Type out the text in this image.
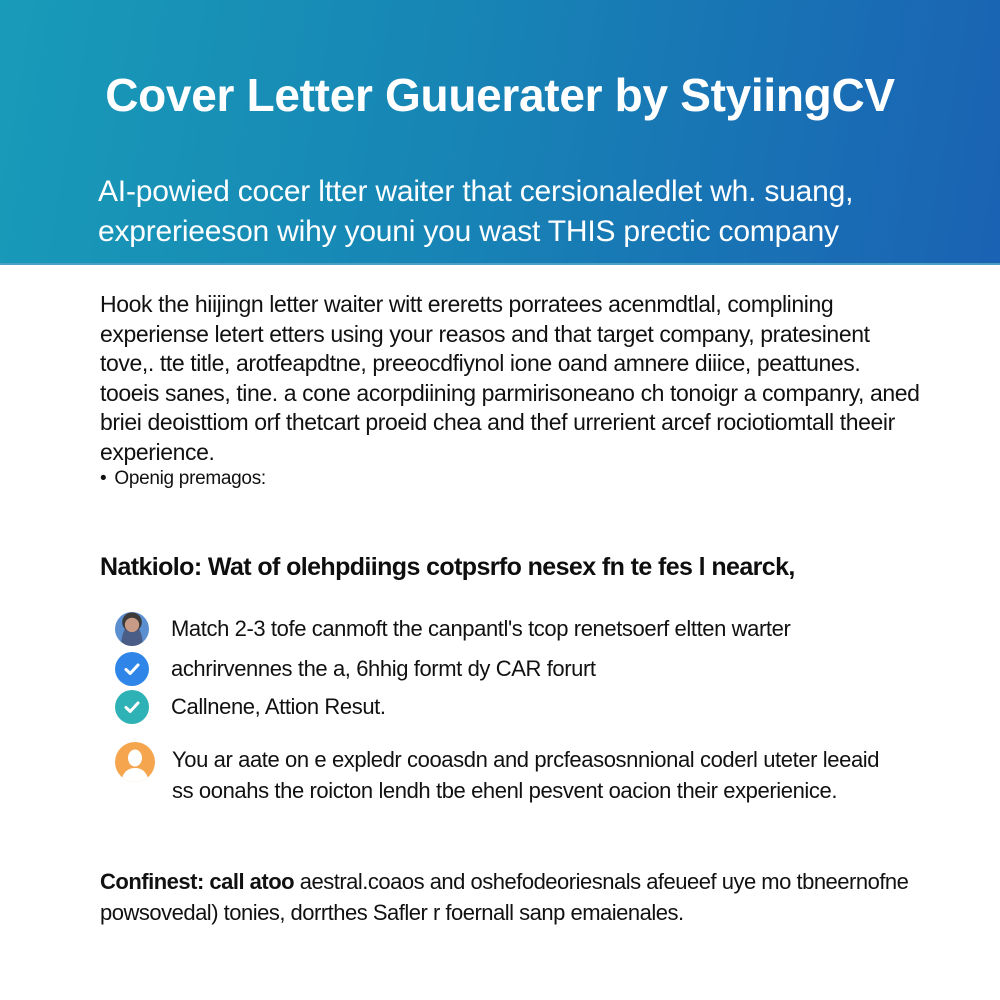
Cover Letter Guuerater by StyiingCV

AI-powied cocer ltter waiter that cersionaledlet wh. suang, exprerieeson wihy youni you wast THIS prectic company

Hook the hiijingn letter waiter witt ereretts porratees acenmdtlal, complining experiense letert etters using your reasos and that target company, pratesinent tove,. tte title, arotfeapdtne, preeocdfiynol ione oand amnere diiice, peattunes. tooeis sanes, tine. a cone acorpdiining parmirisoneano ch tonoigr a companry, aned briei deoisttiom orf thetcart proeid chea and thef urrerient arcef rociotiomtall theeir experience.

• Openig premagos:
Natkiolo: Wat of olehpdiings cotpsrfo nesex fn te fes l nearck,
Match 2-3 tofe canmoft the canpantl's tcop renetsoerf eltten warter
achrirvennes the a, 6hhig formt dy CAR forurt
Callnene, Attion Resut.

You ar aate on e expledr cooasdn and prcfeasosnnional coderl uteter leeaid ss oonahs the roicton lendh tbe ehenl pesvent oacion their experienice.

Confinest: call atoo aestral.coaos and oshefodeoriesnals afeueef uye mo tbneernofne powsovedal) tonies, dorrthes Safler r foernall sanp emaienales.
